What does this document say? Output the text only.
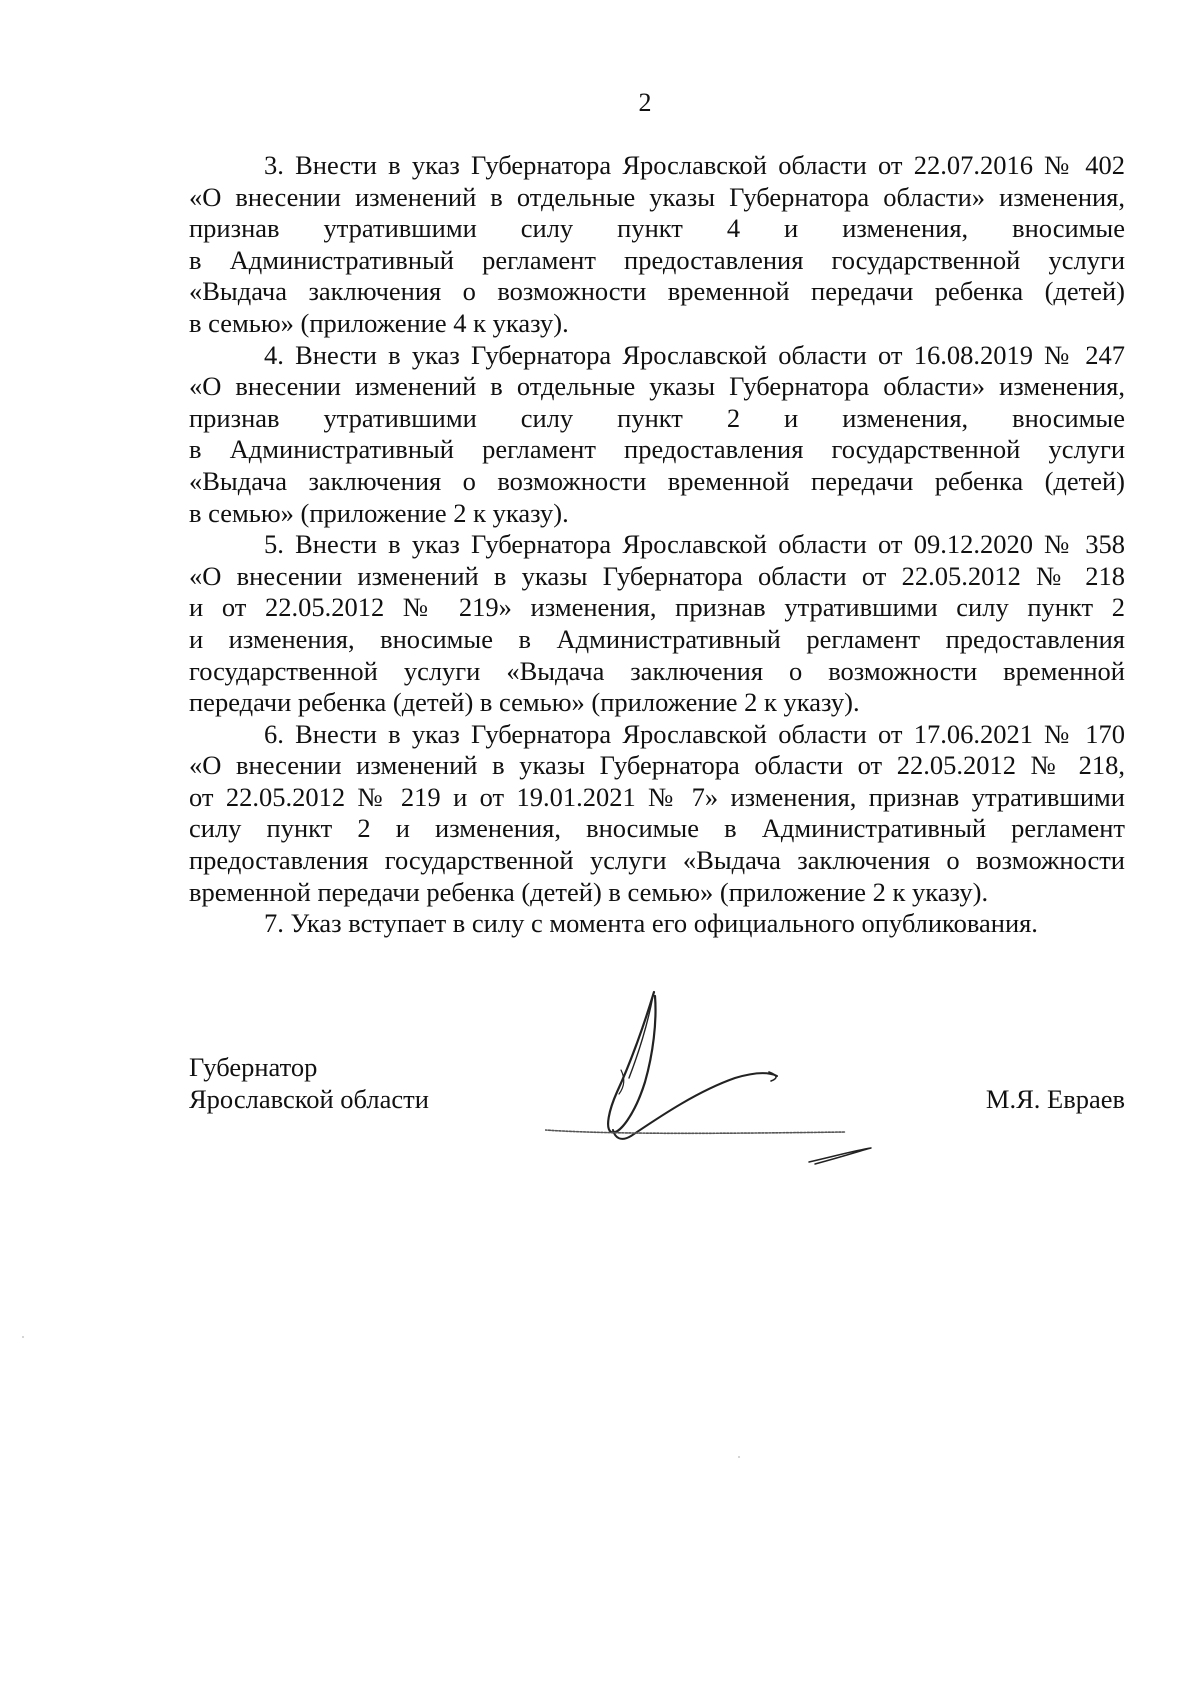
2

3. Внести в указ Губернатора Ярославской области от 22.07.2016 № 402
«О внесении изменений в отдельные указы Губернатора области» изменения,
признав утратившими силу пункт 4 и изменения, вносимые
в Административный регламент предоставления государственной услуги
«Выдача заключения о возможности временной передачи ребенка (детей)
в семью» (приложение 4 к указу).

4. Внести в указ Губернатора Ярославской области от 16.08.2019 № 247
«О внесении изменений в отдельные указы Губернатора области» изменения,
признав утратившими силу пункт 2 и изменения, вносимые
в Административный регламент предоставления государственной услуги
«Выдача заключения о возможности временной передачи ребенка (детей)
в семью» (приложение 2 к указу).

5. Внести в указ Губернатора Ярославской области от 09.12.2020 № 358
«О внесении изменений в указы Губернатора области от 22.05.2012 № 218
и от 22.05.2012 № 219» изменения, признав утратившими силу пункт 2
и изменения, вносимые в Административный регламент предоставления
государственной услуги «Выдача заключения о возможности временной
передачи ребенка (детей) в семью» (приложение 2 к указу).

6. Внести в указ Губернатора Ярославской области от 17.06.2021 № 170
«О внесении изменений в указы Губернатора области от 22.05.2012 № 218,
от 22.05.2012 № 219 и от 19.01.2021 № 7» изменения, признав утратившими
силу пункт 2 и изменения, вносимые в Административный регламент
предоставления государственной услуги «Выдача заключения о возможности
временной передачи ребенка (детей) в семью» (приложение 2 к указу).

7. Указ вступает в силу с момента его официального опубликования.

Губернатор
Ярославской области	М.Я. Евраев
